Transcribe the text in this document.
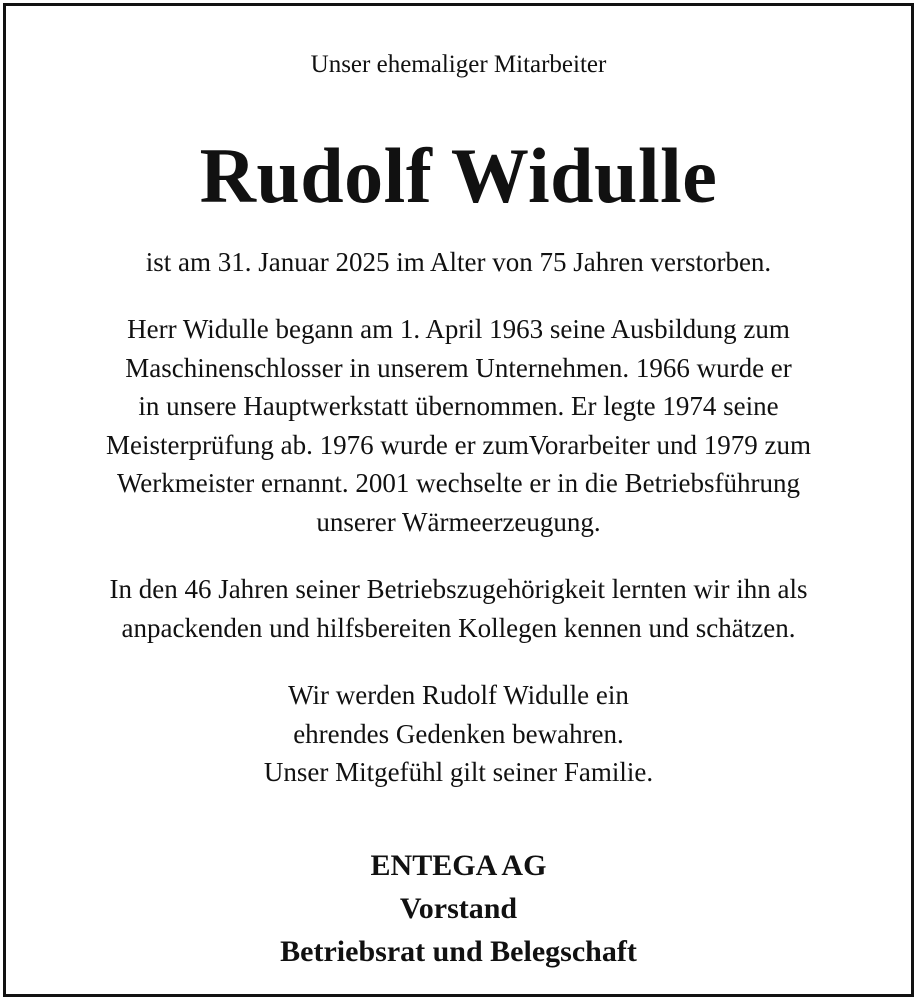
Unser ehemaliger Mitarbeiter
Rudolf Widulle
ist am 31. Januar 2025 im Alter von 75 Jahren verstorben.
Herr Widulle begann am 1. April 1963 seine Ausbildung zum
Maschinenschlosser in unserem Unternehmen. 1966 wurde er
in unsere Hauptwerkstatt übernommen. Er legte 1974 seine
Meisterprüfung ab. 1976 wurde er zumVorarbeiter und 1979 zum
Werkmeister ernannt. 2001 wechselte er in die Betriebsführung
unserer Wärmeerzeugung.
In den 46 Jahren seiner Betriebszugehörigkeit lernten wir ihn als
anpackenden und hilfsbereiten Kollegen kennen und schätzen.
Wir werden Rudolf Widulle ein
ehrendes Gedenken bewahren.
Unser Mitgefühl gilt seiner Familie.
ENTEGA AG
Vorstand
Betriebsrat und Belegschaft
